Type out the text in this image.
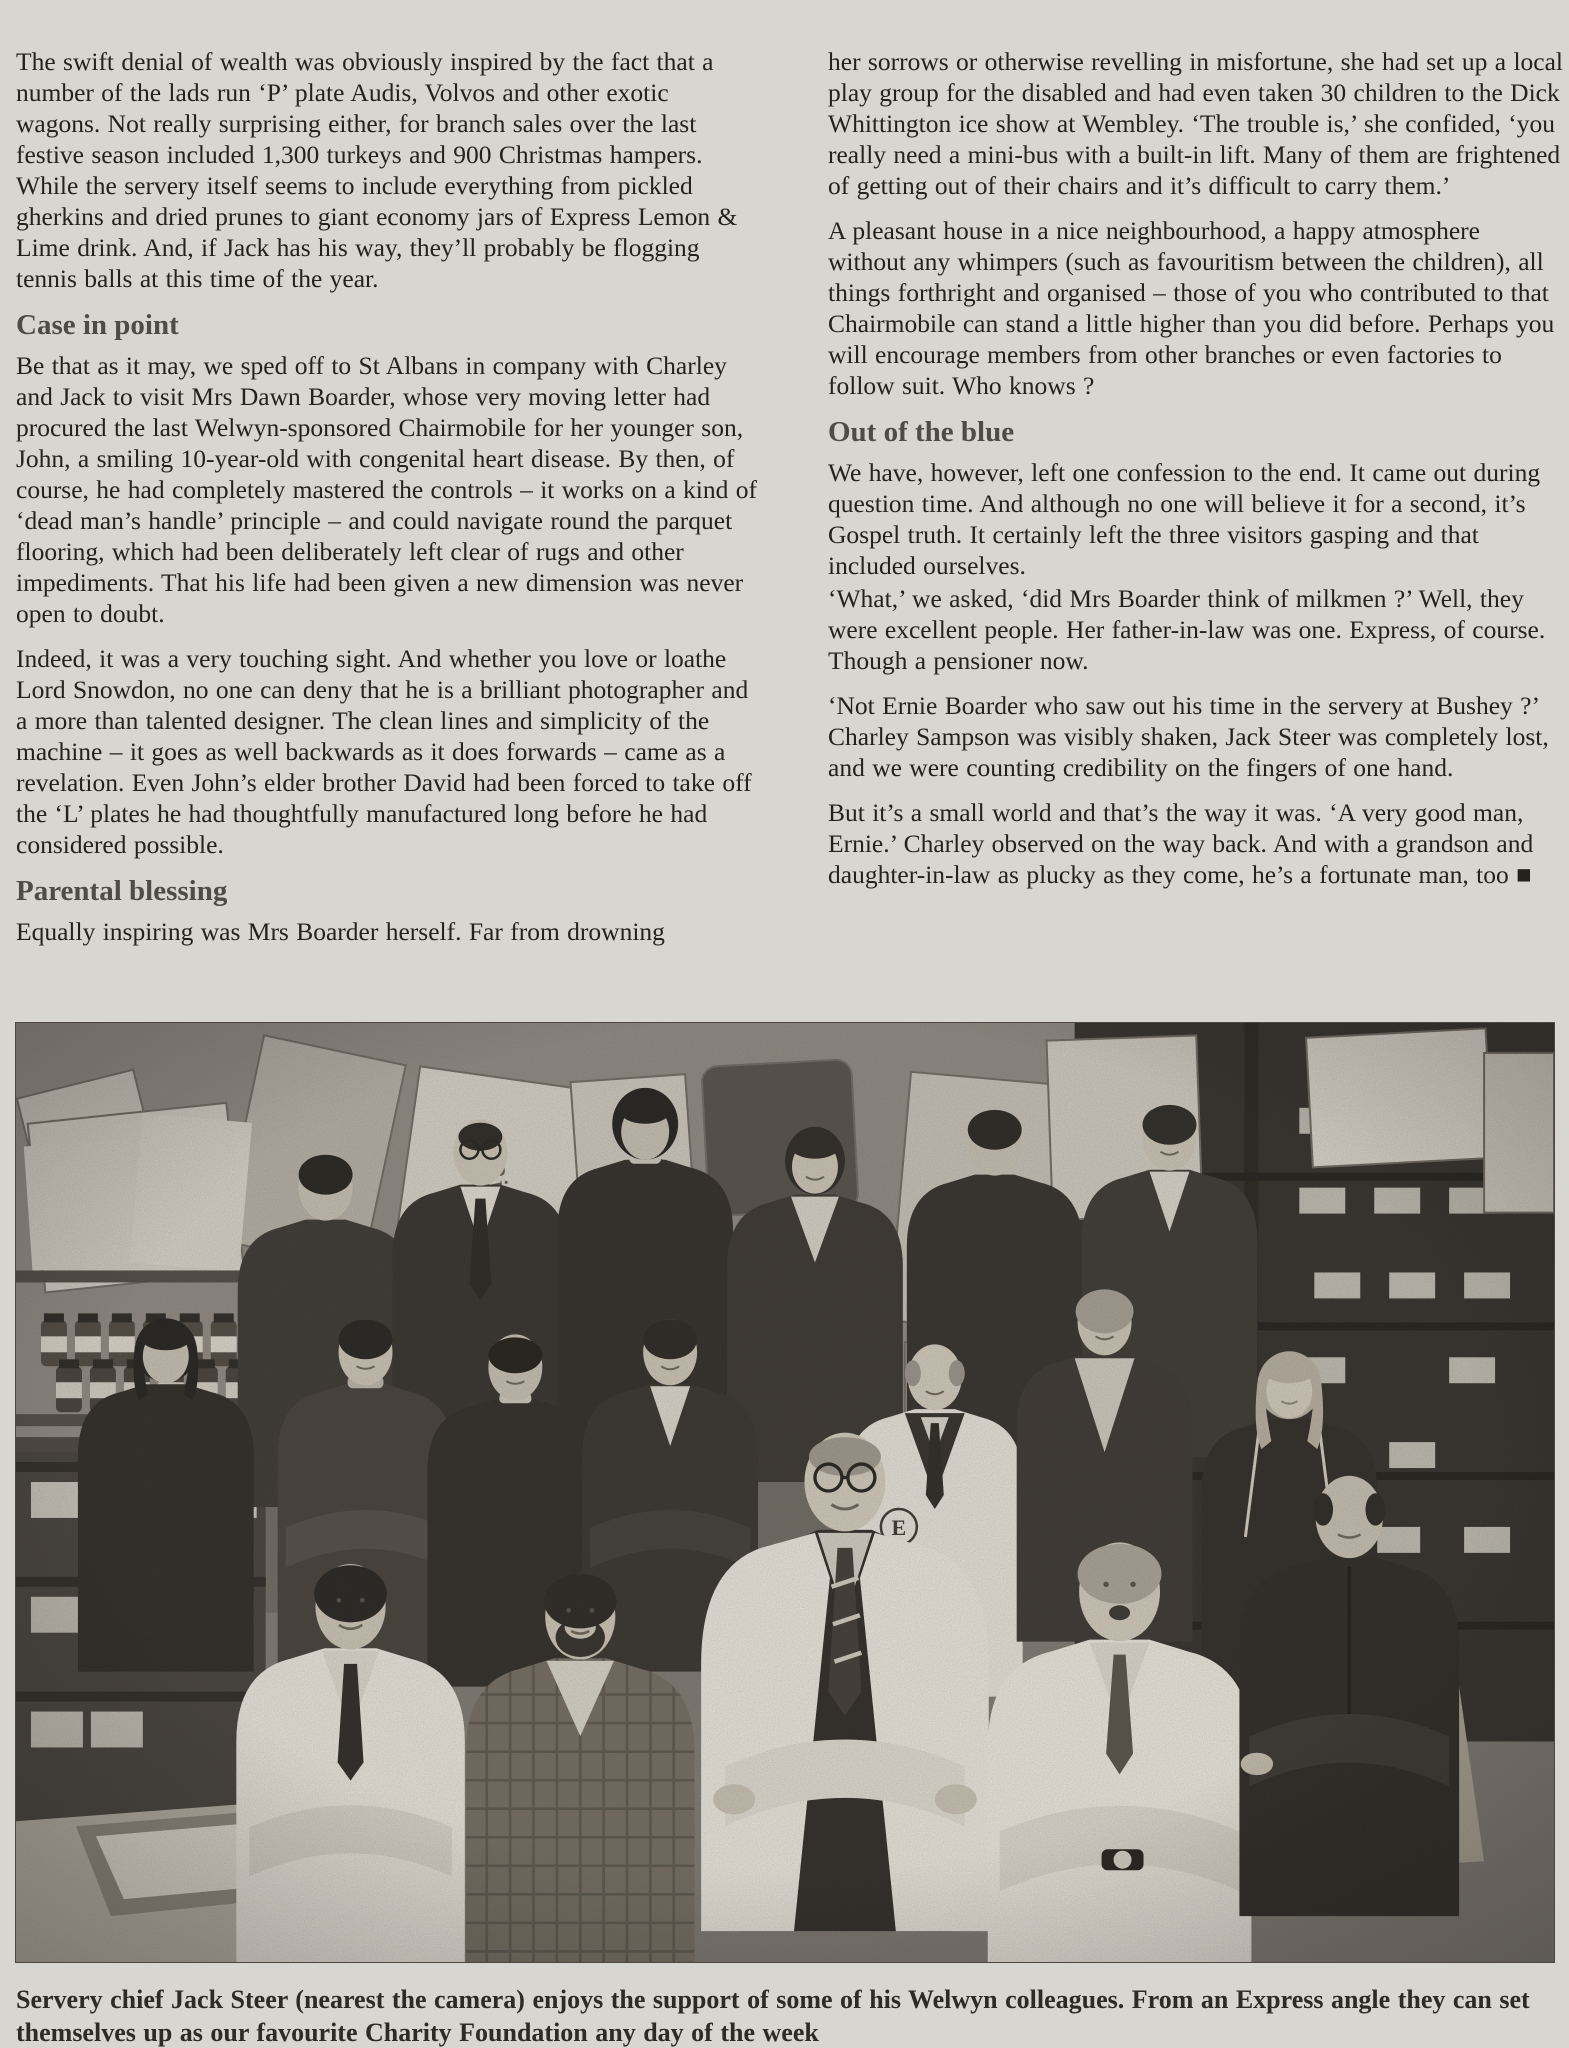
The swift denial of wealth was obviously inspired by the fact that a number of the lads run ‘P’ plate Audis, Volvos and other exotic wagons. Not really surprising either, for branch sales over the last festive season included 1,300 turkeys and 900 Christmas hampers. While the servery itself seems to include everything from pickled gherkins and dried prunes to giant economy jars of Express Lemon & Lime drink. And, if Jack has his way, they’ll probably be flogging tennis balls at this time of the year.

Case in point

Be that as it may, we sped off to St Albans in company with Charley and Jack to visit Mrs Dawn Boarder, whose very moving letter had procured the last Welwyn-sponsored Chairmobile for her younger son, John, a smiling 10-year-old with congenital heart disease. By then, of course, he had completely mastered the controls – it works on a kind of ‘dead man’s handle’ principle – and could navigate round the parquet flooring, which had been deliberately left clear of rugs and other impediments. That his life had been given a new dimension was never open to doubt.

Indeed, it was a very touching sight. And whether you love or loathe Lord Snowdon, no one can deny that he is a brilliant photographer and a more than talented designer. The clean lines and simplicity of the machine – it goes as well backwards as it does forwards – came as a revelation. Even John’s elder brother David had been forced to take off the ‘L’ plates he had thoughtfully manufactured long before he had considered possible.

Parental blessing

Equally inspiring was Mrs Boarder herself. Far from drowning

her sorrows or otherwise revelling in misfortune, she had set up a local play group for the disabled and had even taken 30 children to the Dick Whittington ice show at Wembley. ‘The trouble is,’ she confided, ‘you really need a mini-bus with a built-in lift. Many of them are frightened of getting out of their chairs and it’s difficult to carry them.’

A pleasant house in a nice neighbourhood, a happy atmosphere without any whimpers (such as favouritism between the children), all things forthright and organised – those of you who contributed to that Chairmobile can stand a little higher than you did before. Perhaps you will encourage members from other branches or even factories to follow suit. Who knows ?

Out of the blue

We have, however, left one confession to the end. It came out during question time. And although no one will believe it for a second, it’s Gospel truth. It certainly left the three visitors gasping and that included ourselves.

‘What,’ we asked, ‘did Mrs Boarder think of milkmen ?’ Well, they were excellent people. Her father-in-law was one. Express, of course. Though a pensioner now.

‘Not Ernie Boarder who saw out his time in the servery at Bushey ?’ Charley Sampson was visibly shaken, Jack Steer was completely lost, and we were counting credibility on the fingers of one hand.

But it’s a small world and that’s the way it was. ‘A very good man, Ernie.’ Charley observed on the way back. And with a grandson and daughter-in-law as plucky as they come, he’s a fortunate man, too ■

Servery chief Jack Steer (nearest the camera) enjoys the support of some of his Welwyn colleagues. From an Express angle they can set themselves up as our favourite Charity Foundation any day of the week
